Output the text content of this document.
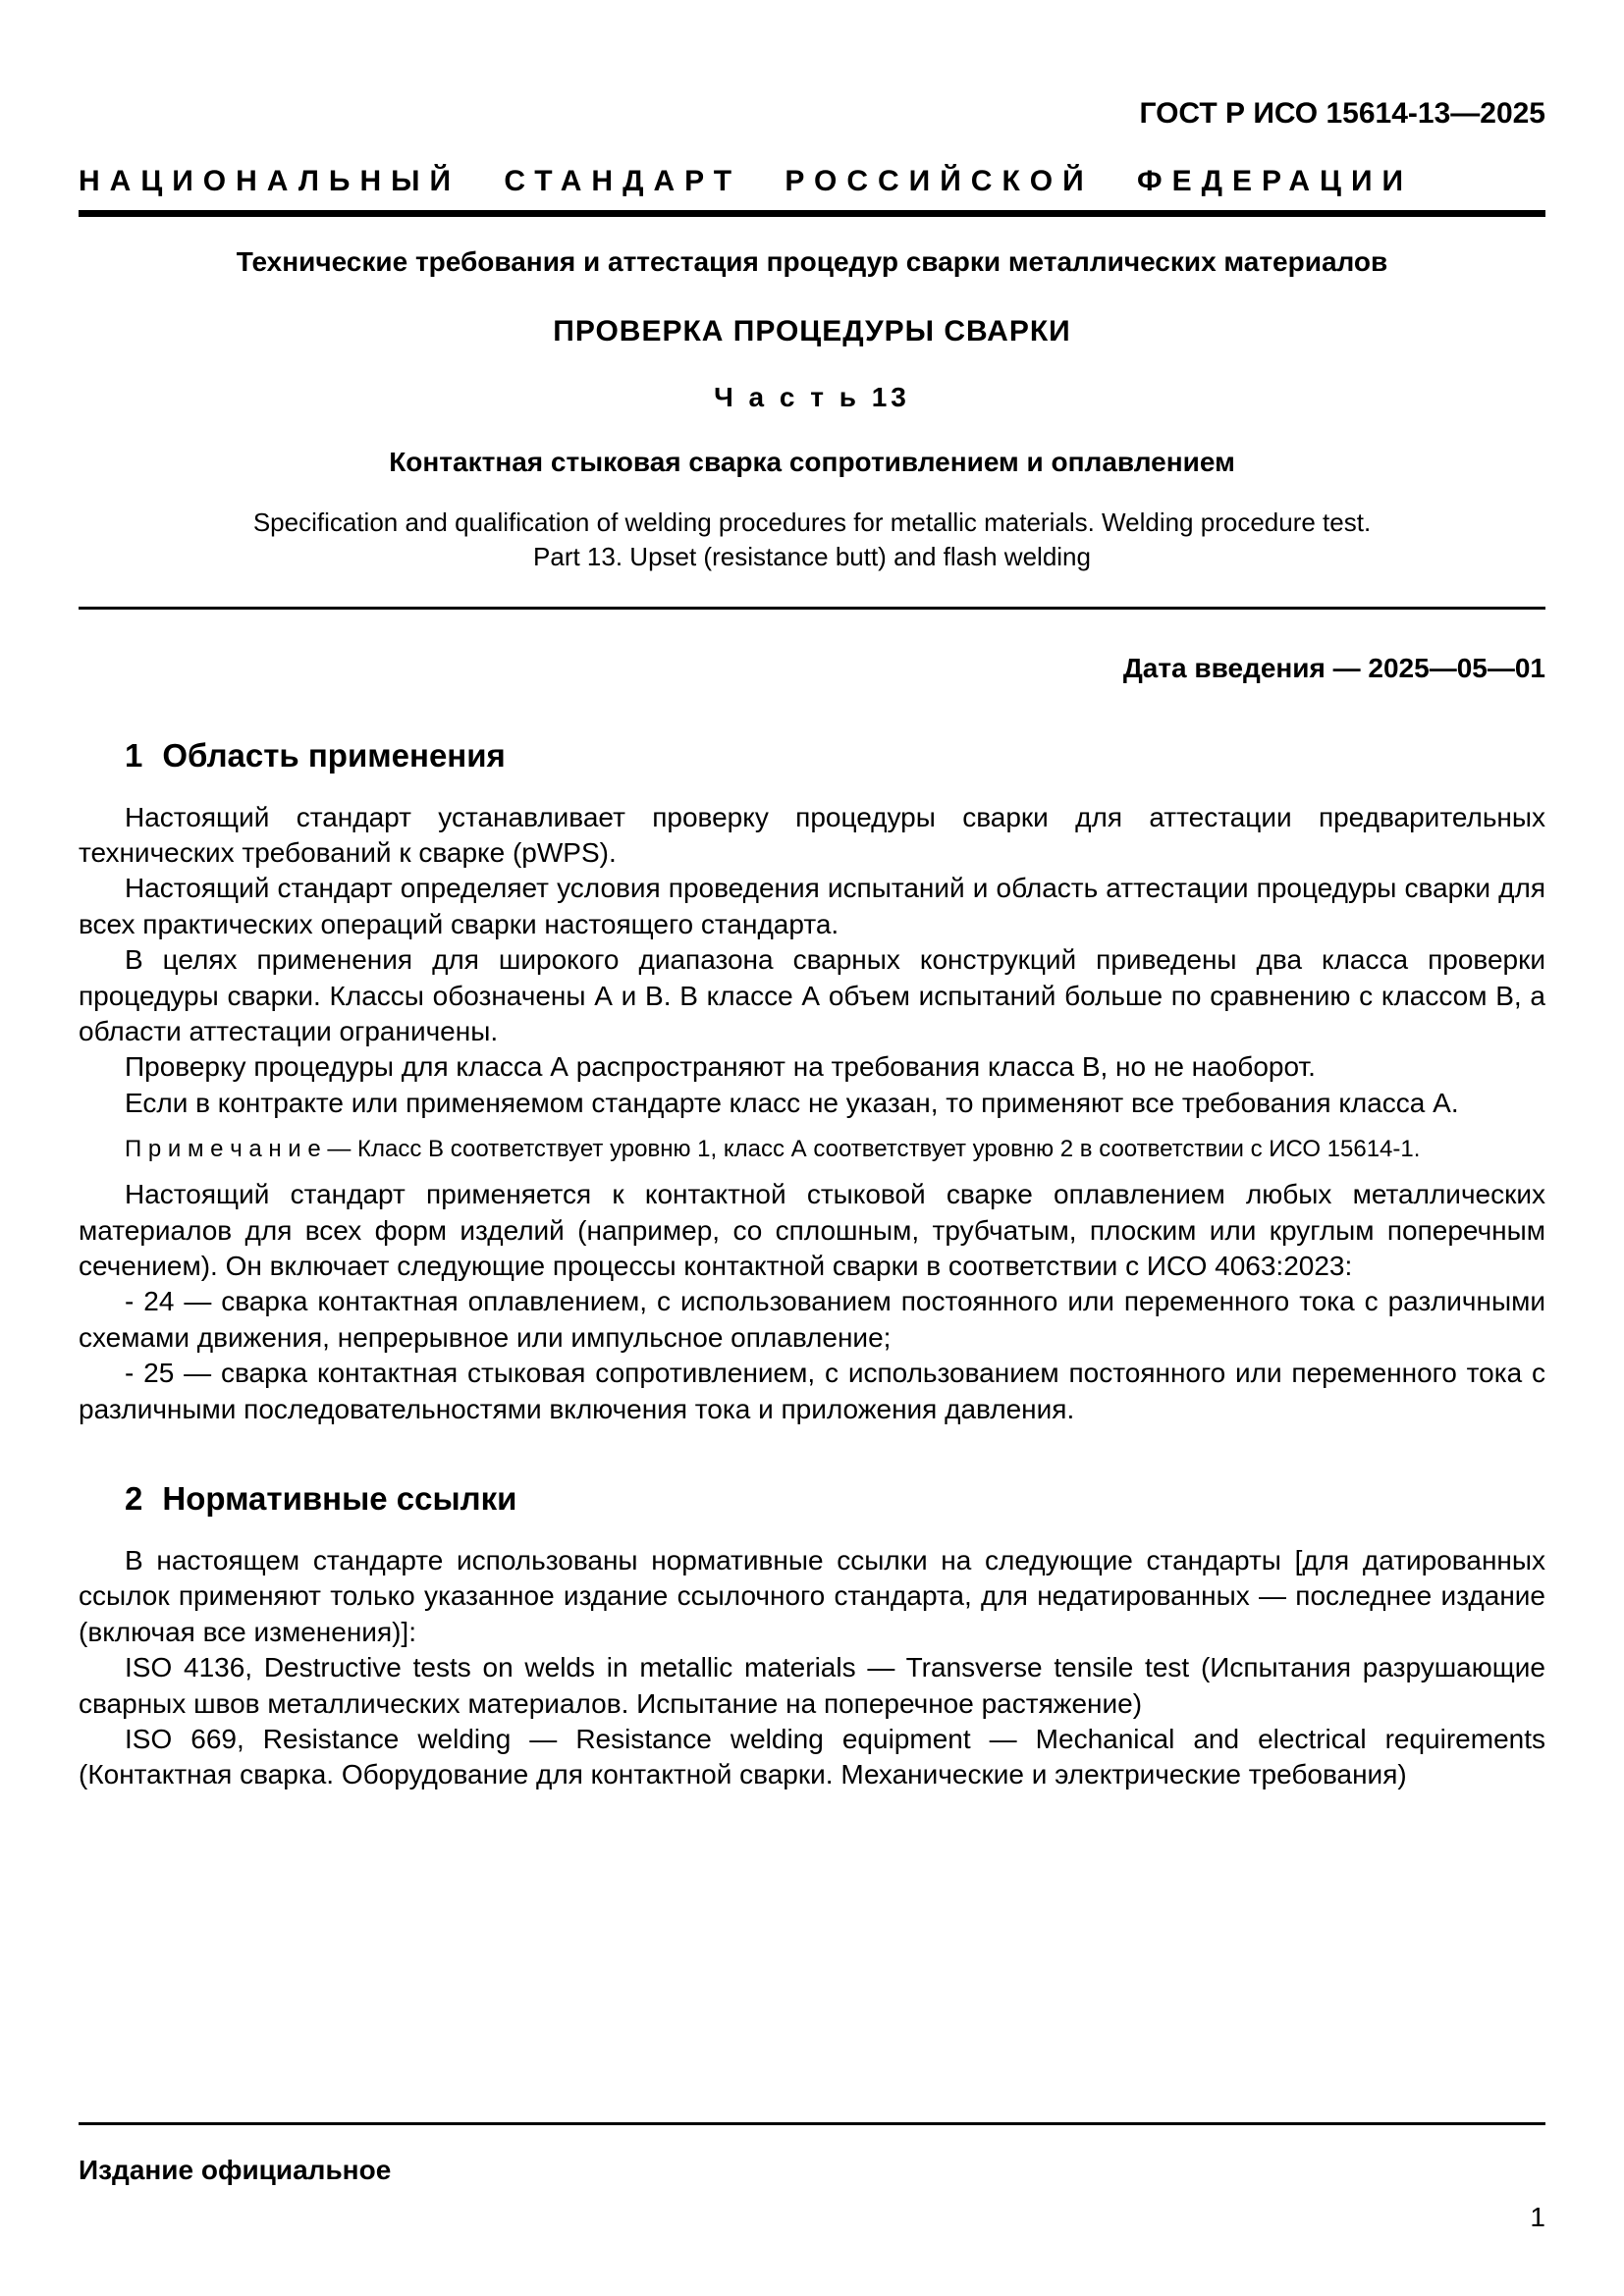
ГОСТ Р ИСО 15614-13—2025
НАЦИОНАЛЬНЫЙ СТАНДАРТ РОССИЙСКОЙ ФЕДЕРАЦИИ
Технические требования и аттестация процедур сварки металлических материалов
ПРОВЕРКА ПРОЦЕДУРЫ СВАРКИ
Ч а с т ь 13
Контактная стыковая сварка сопротивлением и оплавлением
Specification and qualification of welding procedures for metallic materials. Welding procedure test.
Part 13. Upset (resistance butt) and flash welding
Дата введения — 2025—05—01
1 Область применения

Настоящий стандарт устанавливает проверку процедуры сварки для аттестации предварительных технических требований к сварке (pWPS).

Настоящий стандарт определяет условия проведения испытаний и область аттестации процедуры сварки для всех практических операций сварки настоящего стандарта.

В целях применения для широкого диапазона сварных конструкций приведены два класса проверки процедуры сварки. Классы обозначены А и В. В классе А объем испытаний больше по сравнению с классом В, а области аттестации ограничены.

Проверку процедуры для класса А распространяют на требования класса В, но не наоборот.

Если в контракте или применяемом стандарте класс не указан, то применяют все требования класса А.

П р и м е ч а н и е — Класс В соответствует уровню 1, класс А соответствует уровню 2 в соответствии с ИСО 15614-1.

Настоящий стандарт применяется к контактной стыковой сварке оплавлением любых металлических материалов для всех форм изделий (например, со сплошным, трубчатым, плоским или круглым поперечным сечением). Он включает следующие процессы контактной сварки в соответствии с ИСО 4063:2023:

- 24 — сварка контактная оплавлением, с использованием постоянного или переменного тока с различными схемами движения, непрерывное или импульсное оплавление;

- 25 — сварка контактная стыковая сопротивлением, с использованием постоянного или переменного тока с различными последовательностями включения тока и приложения давления.

2 Нормативные ссылки

В настоящем стандарте использованы нормативные ссылки на следующие стандарты [для датированных ссылок применяют только указанное издание ссылочного стандарта, для недатированных — последнее издание (включая все изменения)]:

ISO 4136, Destructive tests on welds in metallic materials — Transverse tensile test (Испытания разрушающие сварных швов металлических материалов. Испытание на поперечное растяжение)

ISO 669, Resistance welding — Resistance welding equipment — Mechanical and electrical requirements (Контактная сварка. Оборудование для контактной сварки. Механические и электрические требования)

Издание официальное
1
